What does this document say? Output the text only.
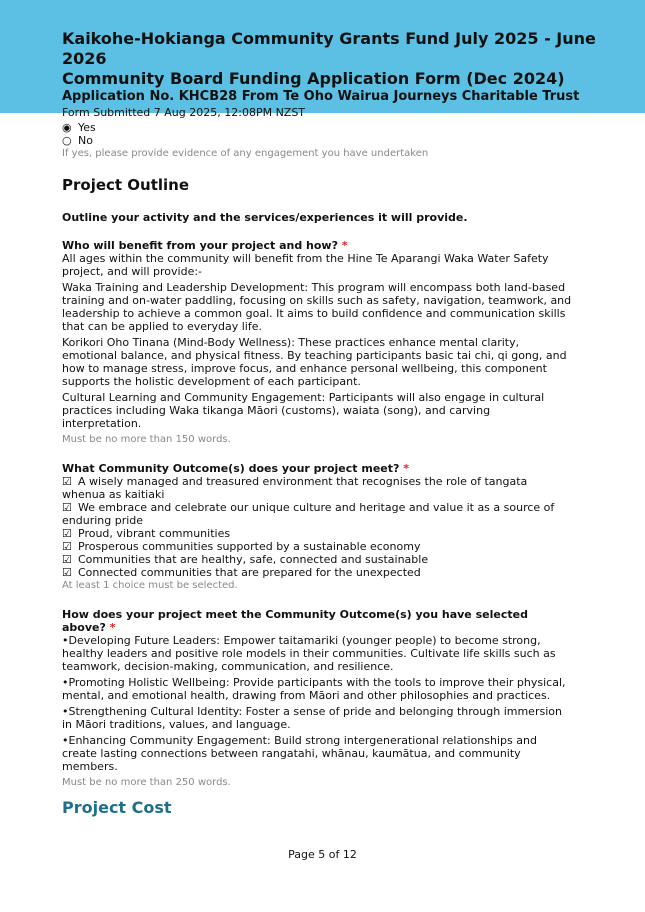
Kaikohe-Hokianga Community Grants Fund July 2025 - June 2026
Community Board Funding Application Form (Dec 2024)
Application No. KHCB28 From Te Oho Wairua Journeys Charitable Trust
Form Submitted 7 Aug 2025, 12:08PM NZST
◉ Yes
○ No
If yes, please provide evidence of any engagement you have undertaken
Project Outline
Outline your activity and the services/experiences it will provide.
Who will benefit from your project and how? *
All ages within the community will benefit from the Hine Te Aparangi Waka Water Safety project, and will provide:-
Waka Training and Leadership Development: This program will encompass both land-based training and on-water paddling, focusing on skills such as safety, navigation, teamwork, and leadership to achieve a common goal. It aims to build confidence and communication skills that can be applied to everyday life.
Korikori Oho Tinana (Mind-Body Wellness): These practices enhance mental clarity, emotional balance, and physical fitness. By teaching participants basic tai chi, qi gong, and how to manage stress, improve focus, and enhance personal wellbeing, this component supports the holistic development of each participant.
Cultural Learning and Community Engagement: Participants will also engage in cultural practices including Waka tikanga Māori (customs), waiata (song), and carving interpretation.
Must be no more than 150 words.
What Community Outcome(s) does your project meet? *
☑ A wisely managed and treasured environment that recognises the role of tangata whenua as kaitiaki
☑ We embrace and celebrate our unique culture and heritage and value it as a source of enduring pride
☑ Proud, vibrant communities
☑ Prosperous communities supported by a sustainable economy
☑ Communities that are healthy, safe, connected and sustainable
☑ Connected communities that are prepared for the unexpected
At least 1 choice must be selected.
How does your project meet the Community Outcome(s) you have selected above? *
•Developing Future Leaders: Empower taitamariki (younger people) to become strong, healthy leaders and positive role models in their communities. Cultivate life skills such as teamwork, decision-making, communication, and resilience.
•Promoting Holistic Wellbeing: Provide participants with the tools to improve their physical, mental, and emotional health, drawing from Māori and other philosophies and practices.
•Strengthening Cultural Identity: Foster a sense of pride and belonging through immersion in Māori traditions, values, and language.
•Enhancing Community Engagement: Build strong intergenerational relationships and create lasting connections between rangatahi, whānau, kaumātua, and community members.
Must be no more than 250 words.
Project Cost
Page 5 of 12
